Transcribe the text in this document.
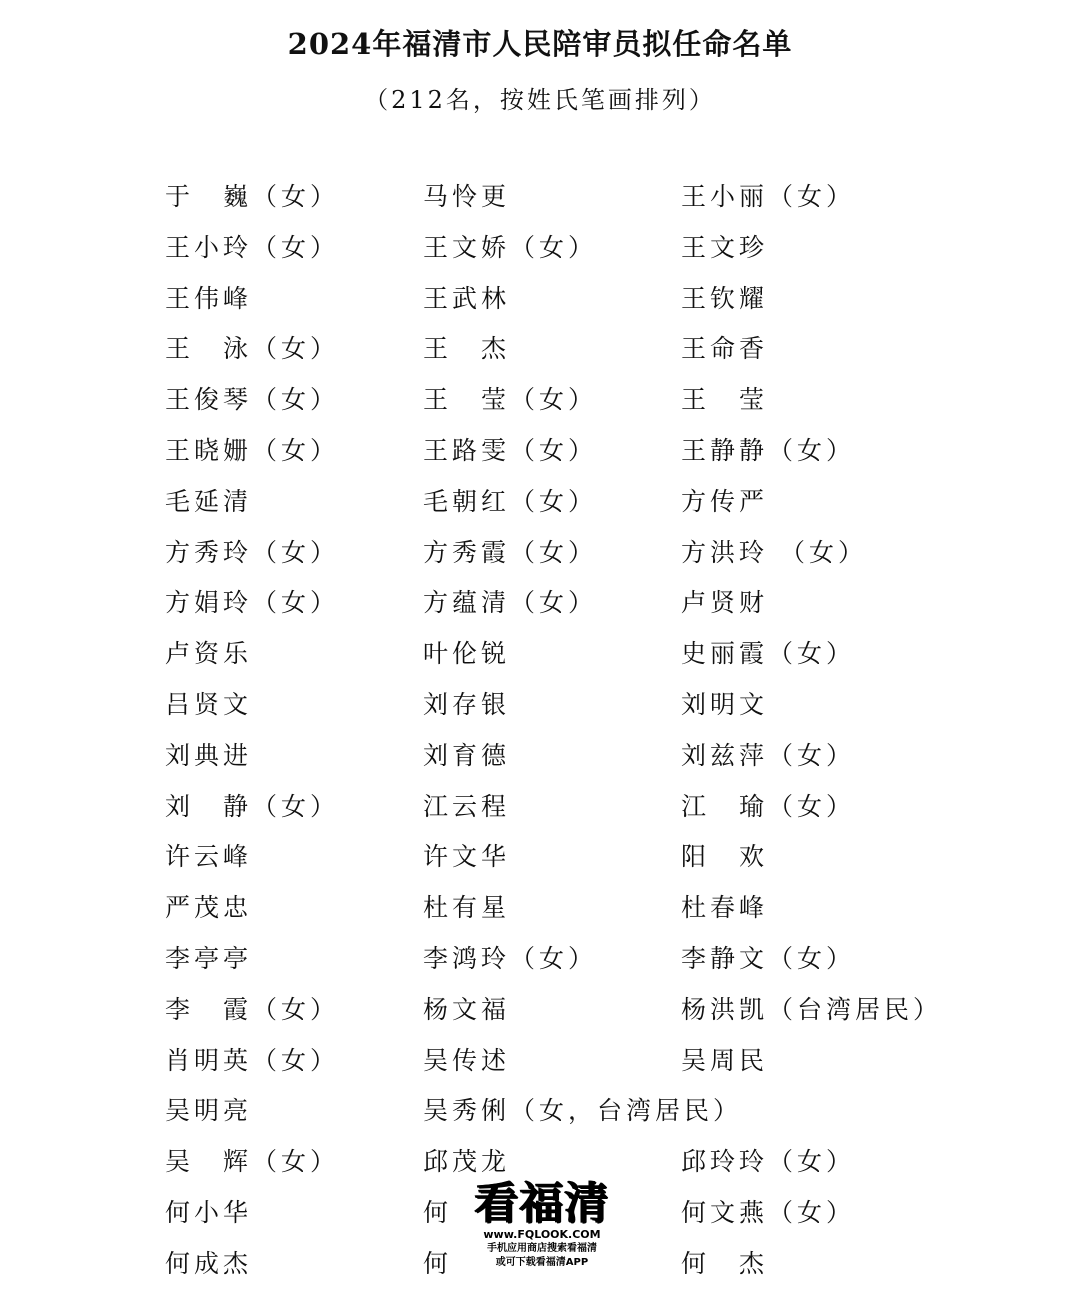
2024年福清市人民陪审员拟任命名单
（212名，按姓氏笔画排列）
于　巍（女）	马怜更	王小丽（女）
王小玲（女）	王文娇（女）	王文珍
王伟峰	王武林	王钦耀
王　泳（女）	王　杰	王命香
王俊琴（女）	王　莹（女）	王　莹
王晓姗（女）	王路雯（女）	王静静（女）
毛延清	毛朝红（女）	方传严
方秀玲（女）	方秀霞（女）	方洪玲 （女）
方娟玲（女）	方蕴清（女）	卢贤财
卢资乐	叶伦锐	史丽霞（女）
吕贤文	刘存银	刘明文
刘典进	刘育德	刘兹萍（女）
刘　静（女）	江云程	江　瑜（女）
许云峰	许文华	阳　欢
严茂忠	杜有星	杜春峰
李亭亭	李鸿玲（女）	李静文（女）
李　霞（女）	杨文福	杨洪凯（台湾居民）
肖明英（女）	吴传述	吴周民
吴明亮	吴秀俐（女，台湾居民）
吴　辉（女）	邱茂龙	邱玲玲（女）
何小华	何	何文燕（女）
何成杰	何	何　杰
看福清
www.FQLOOK.COM
手机应用商店搜索看福清
或可下载看福清APP
